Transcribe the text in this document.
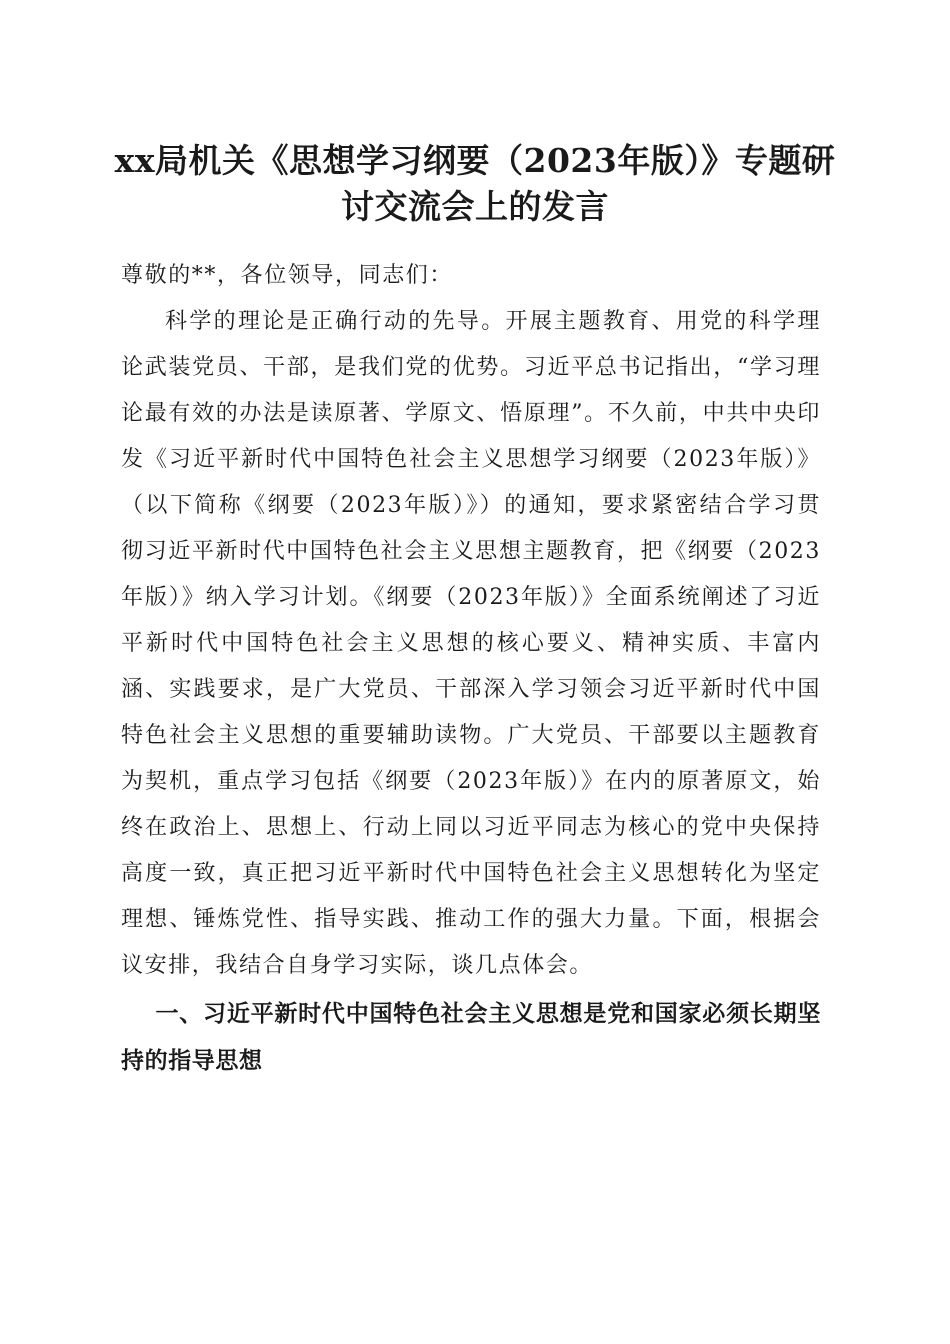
xx局机关《思想学习纲要（2023年版）》专题研讨交流会上的发言

尊敬的**，各位领导，同志们：

科学的理论是正确行动的先导。开展主题教育、用党的科学理论武装党员、干部，是我们党的优势。习近平总书记指出，“学习理论最有效的办法是读原著、学原文、悟原理”。不久前，中共中央印发《习近平新时代中国特色社会主义思想学习纲要（2023年版）》（以下简称《纲要（2023年版）》）的通知，要求紧密结合学习贯彻习近平新时代中国特色社会主义思想主题教育，把《纲要（2023年版）》纳入学习计划。《纲要（2023年版）》全面系统阐述了习近平新时代中国特色社会主义思想的核心要义、精神实质、丰富内涵、实践要求，是广大党员、干部深入学习领会习近平新时代中国特色社会主义思想的重要辅助读物。广大党员、干部要以主题教育为契机，重点学习包括《纲要（2023年版）》在内的原著原文，始终在政治上、思想上、行动上同以习近平同志为核心的党中央保持高度一致，真正把习近平新时代中国特色社会主义思想转化为坚定理想、锤炼党性、指导实践、推动工作的强大力量。下面，根据会议安排，我结合自身学习实际，谈几点体会。

一、习近平新时代中国特色社会主义思想是党和国家必须长期坚持的指导思想
